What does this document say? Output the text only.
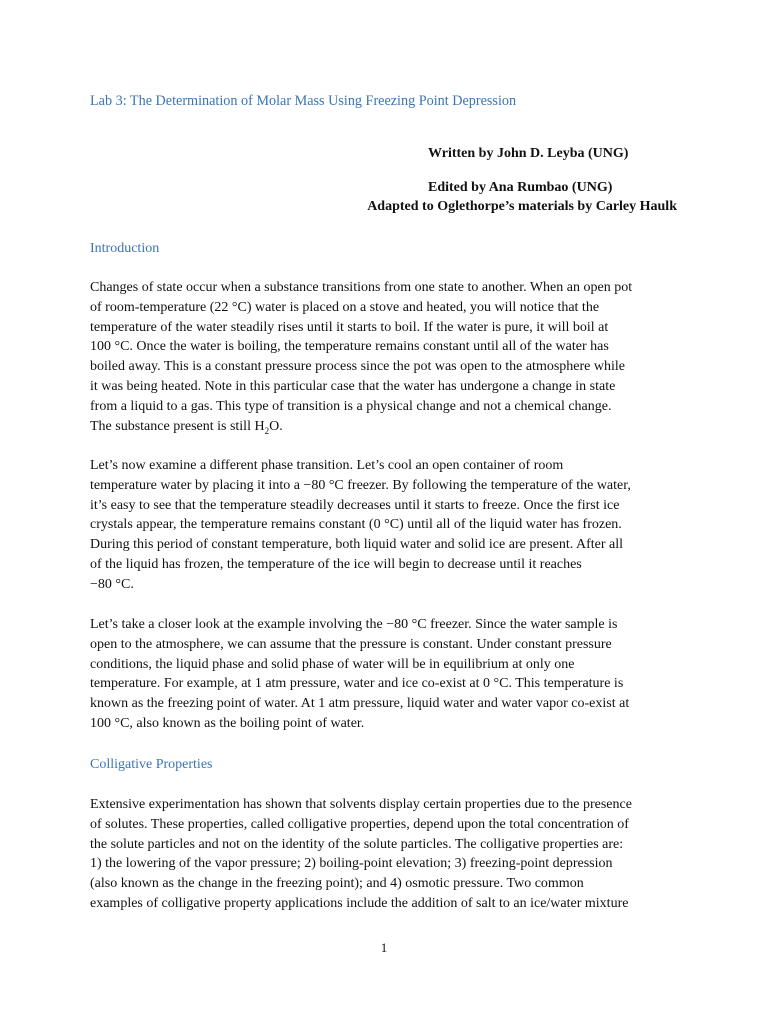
Lab 3: The Determination of Molar Mass Using Freezing Point Depression
Written by John D. Leyba (UNG)
Edited by Ana Rumbao (UNG)
Adapted to Oglethorpe’s materials by Carley Haulk
Introduction
Changes of state occur when a substance transitions from one state to another. When an open pot
of room-temperature (22 °C) water is placed on a stove and heated, you will notice that the
temperature of the water steadily rises until it starts to boil. If the water is pure, it will boil at
100 °C. Once the water is boiling, the temperature remains constant until all of the water has
boiled away. This is a constant pressure process since the pot was open to the atmosphere while
it was being heated. Note in this particular case that the water has undergone a change in state
from a liquid to a gas. This type of transition is a physical change and not a chemical change.
The substance present is still $H_2O$.
Let’s now examine a different phase transition. Let’s cool an open container of room
temperature water by placing it into a −80 °C freezer. By following the temperature of the water,
it’s easy to see that the temperature steadily decreases until it starts to freeze. Once the first ice
crystals appear, the temperature remains constant (0 °C) until all of the liquid water has frozen.
During this period of constant temperature, both liquid water and solid ice are present. After all
of the liquid has frozen, the temperature of the ice will begin to decrease until it reaches
−80 °C.
Let’s take a closer look at the example involving the −80 °C freezer. Since the water sample is
open to the atmosphere, we can assume that the pressure is constant. Under constant pressure
conditions, the liquid phase and solid phase of water will be in equilibrium at only one
temperature. For example, at 1 atm pressure, water and ice co-exist at 0 °C. This temperature is
known as the freezing point of water. At 1 atm pressure, liquid water and water vapor co-exist at
100 °C, also known as the boiling point of water.
Colligative Properties
Extensive experimentation has shown that solvents display certain properties due to the presence
of solutes. These properties, called colligative properties, depend upon the total concentration of
the solute particles and not on the identity of the solute particles. The colligative properties are:
1) the lowering of the vapor pressure; 2) boiling-point elevation; 3) freezing-point depression
(also known as the change in the freezing point); and 4) osmotic pressure. Two common
examples of colligative property applications include the addition of salt to an ice/water mixture
1
